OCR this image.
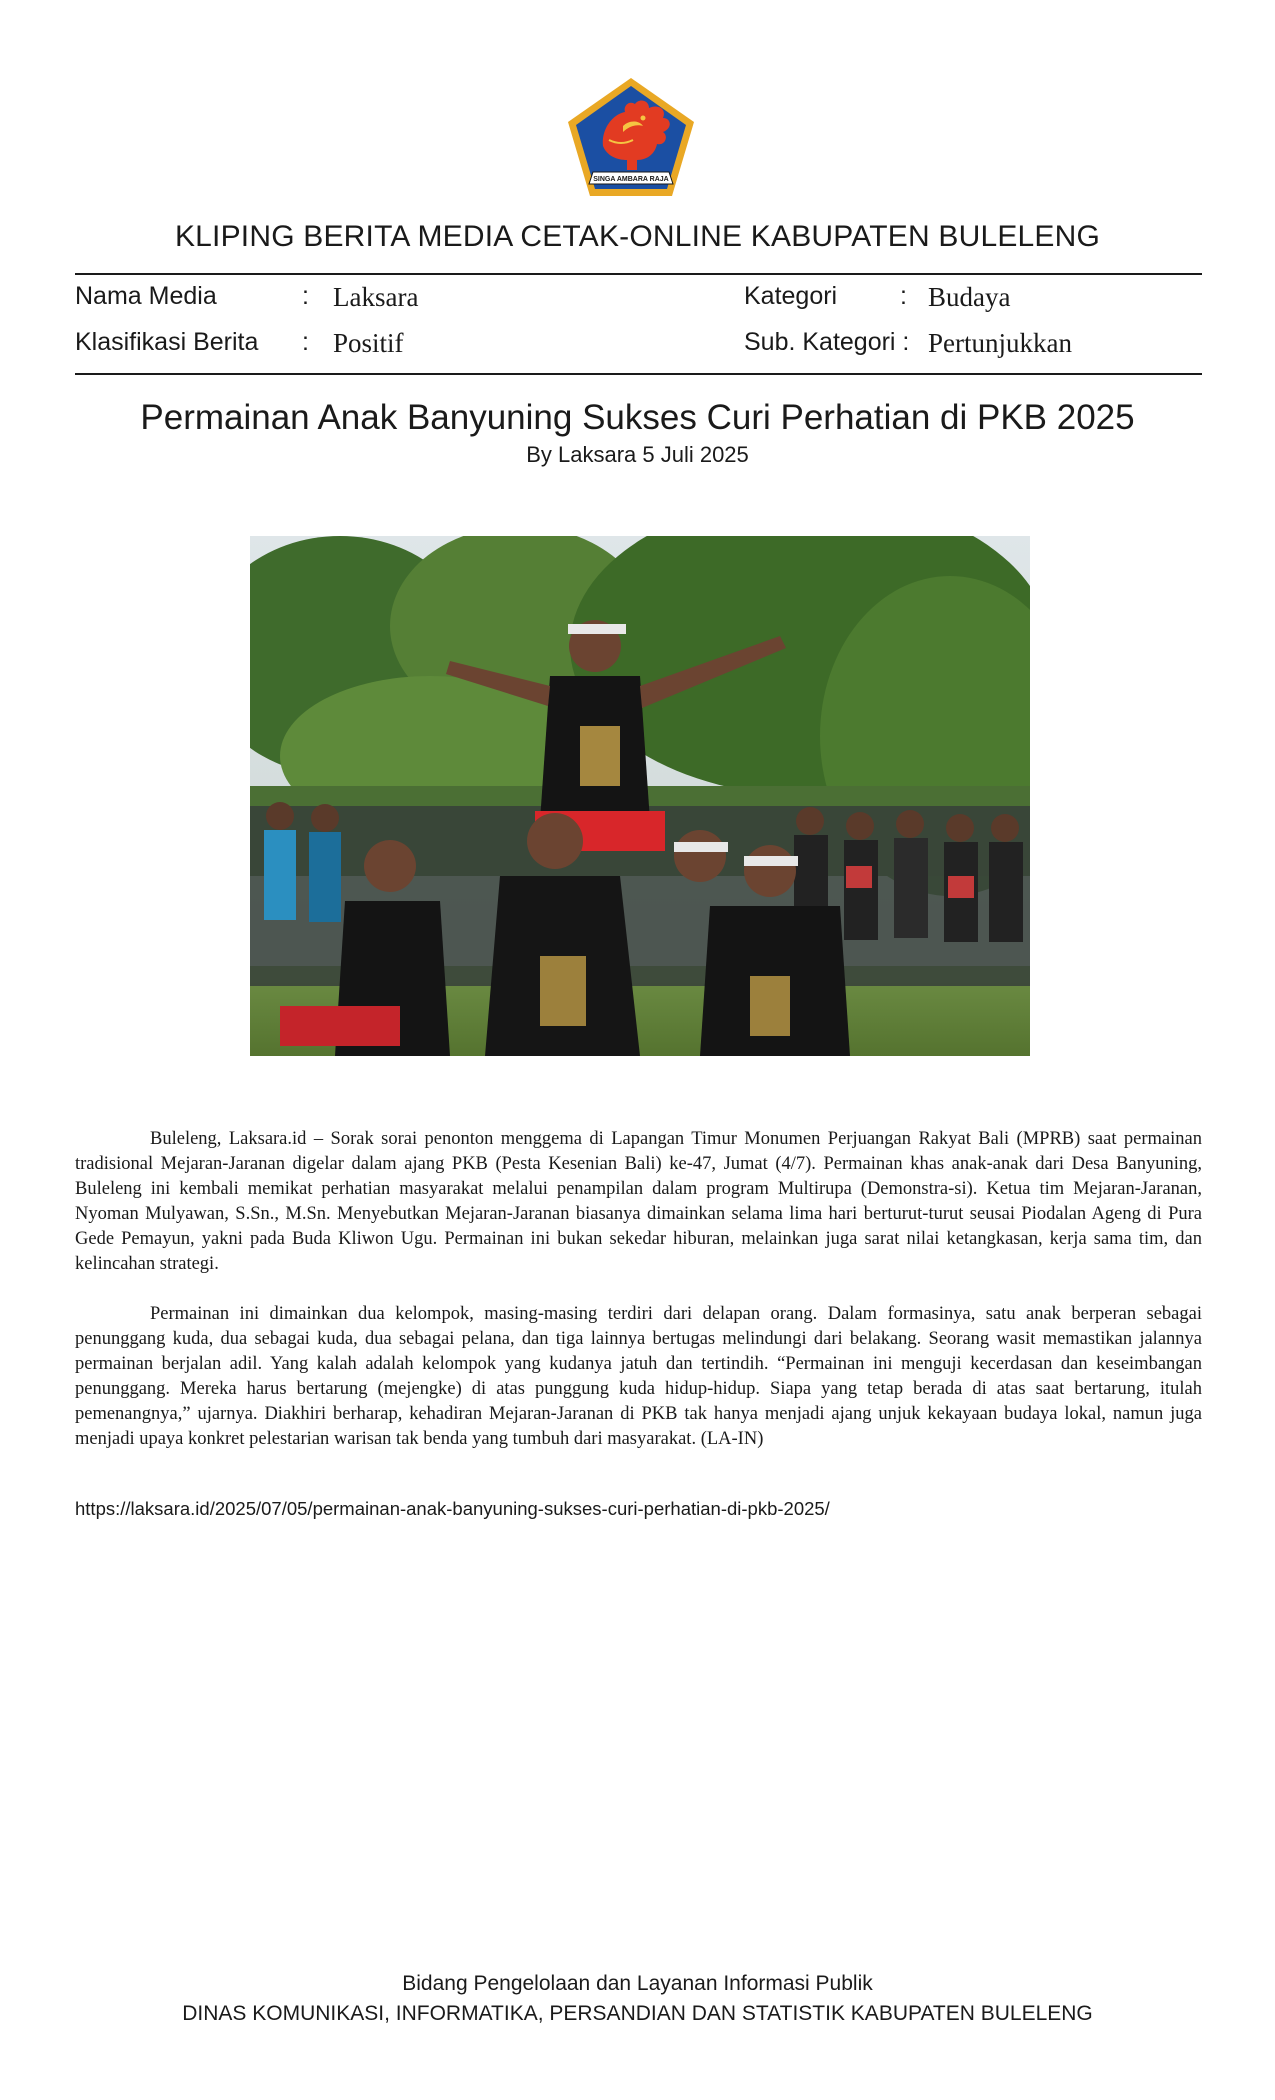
SINGA AMBARA RAJA
KLIPING BERITA MEDIA CETAK-ONLINE KABUPATEN BULELENG
Nama Media	: Laksara
Klasifikasi Berita : Positif
Kategori	: Budaya
Sub. Kategori : Pertunjukkan
Permainan Anak Banyuning Sukses Curi Perhatian di PKB 2025
By Laksara 5 Juli 2025

Buleleng, Laksara.id – Sorak sorai penonton menggema di Lapangan Timur Monumen Perjuangan Rakyat Bali (MPRB) saat permainan tradisional Mejaran-Jaranan digelar dalam ajang PKB (Pesta Kesenian Bali) ke-47, Jumat (4/7). Permainan khas anak-anak dari Desa Banyuning, Buleleng ini kembali memikat perhatian masyarakat melalui penampilan dalam program Multirupa (Demonstra-si). Ketua tim Mejaran-Jaranan, Nyoman Mulyawan, S.Sn., M.Sn. Menyebutkan Mejaran-Jaranan biasanya dimainkan selama lima hari berturut-turut seusai Piodalan Ageng di Pura Gede Pemayun, yakni pada Buda Kliwon Ugu. Permainan ini bukan sekedar hiburan, melainkan juga sarat nilai ketangkasan, kerja sama tim, dan kelincahan strategi.

Permainan ini dimainkan dua kelompok, masing-masing terdiri dari delapan orang. Dalam formasinya, satu anak berperan sebagai penunggang kuda, dua sebagai kuda, dua sebagai pelana, dan tiga lainnya bertugas melindungi dari belakang. Seorang wasit memastikan jalannya permainan berjalan adil. Yang kalah adalah kelompok yang kudanya jatuh dan tertindih. “Permainan ini menguji kecerdasan dan keseimbangan penunggang. Mereka harus bertarung (mejengke) di atas punggung kuda hidup-hidup. Siapa yang tetap berada di atas saat bertarung, itulah pemenangnya,” ujarnya. Diakhiri berharap, kehadiran Mejaran-Jaranan di PKB tak hanya menjadi ajang unjuk kekayaan budaya lokal, namun juga menjadi upaya konkret pelestarian warisan tak benda yang tumbuh dari masyarakat. (LA-IN)

https://laksara.id/2025/07/05/permainan-anak-banyuning-sukses-curi-perhatian-di-pkb-2025/
Bidang Pengelolaan dan Layanan Informasi Publik
DINAS KOMUNIKASI, INFORMATIKA, PERSANDIAN DAN STATISTIK KABUPATEN BULELENG
